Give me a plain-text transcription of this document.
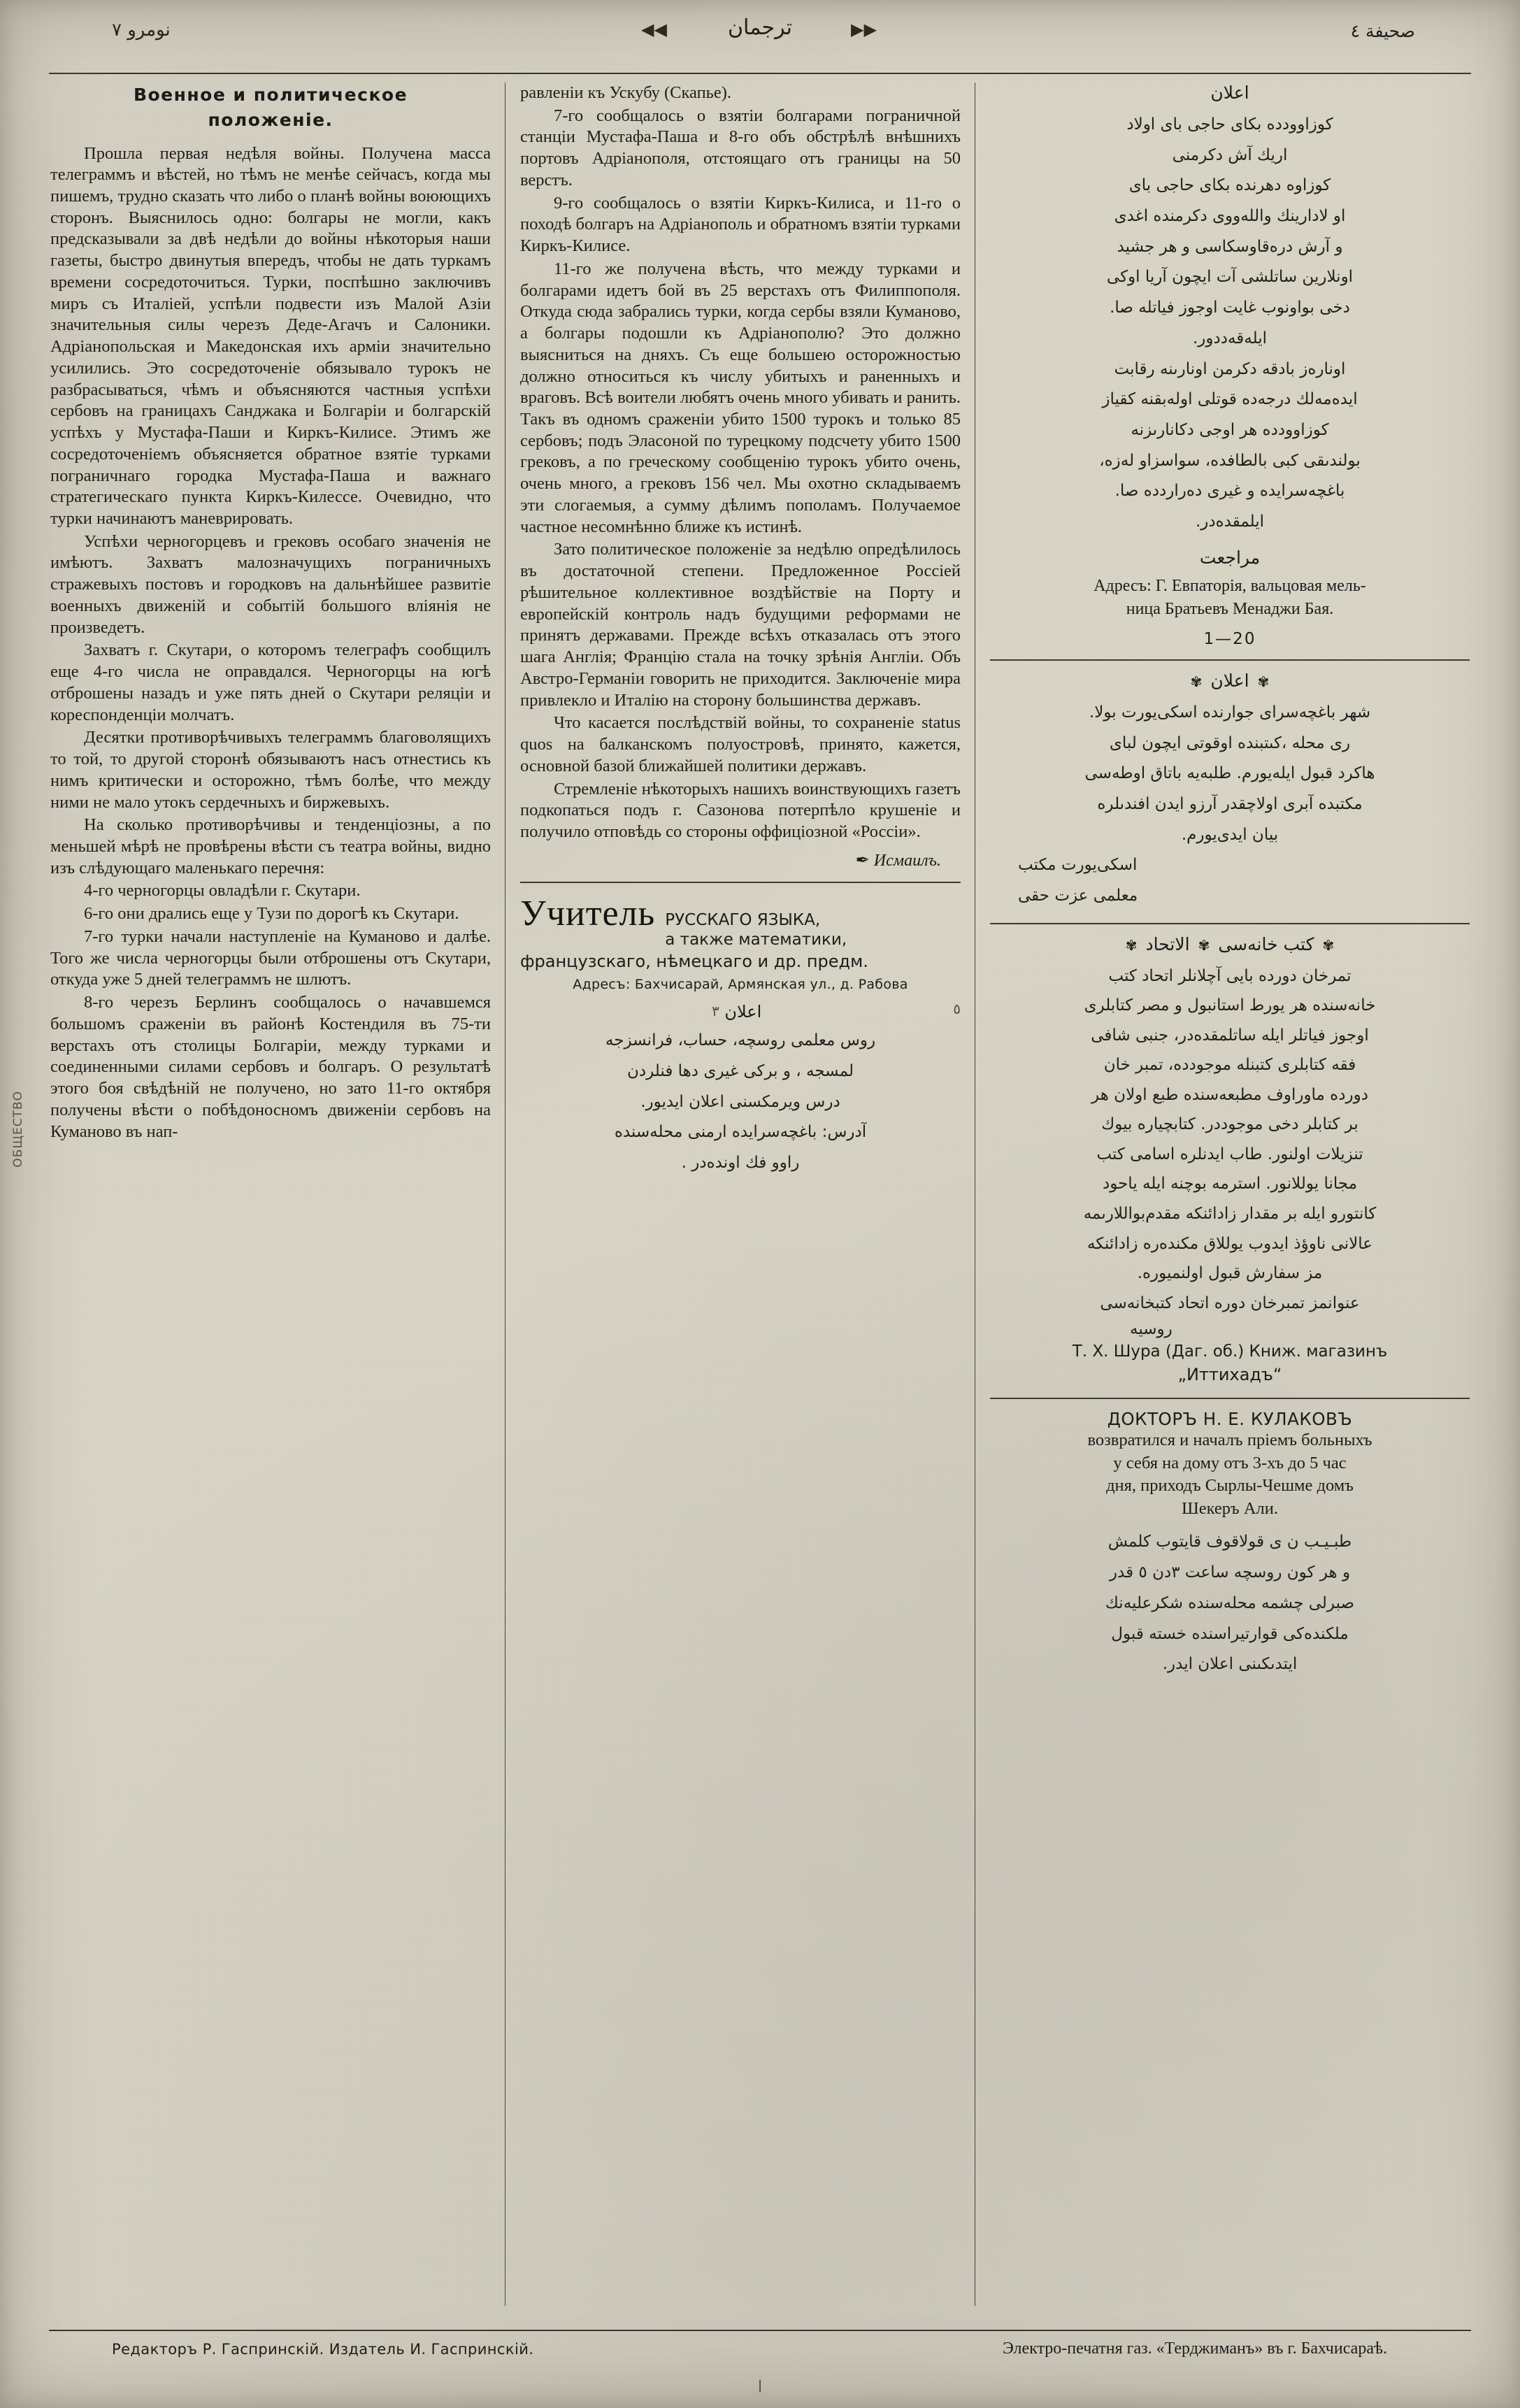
نومرو ٧	◀◀	ترجمان	▶▶	صحيفة ٤
Военное и политическое
положеніе.

Прошла первая недѣля войны. Получена масса телеграммъ и вѣстей, но тѣмъ не менѣе сейчасъ, когда мы пишемъ, трудно сказать что либо о планѣ войны воюющихъ сторонъ. Выяснилось одно: болгары не могли, какъ предсказывали за двѣ недѣли до войны нѣкоторыя наши газеты, быстро двинутыя впередъ, чтобы не дать туркамъ времени сосредоточиться. Турки, поспѣшно заключивъ миръ съ Италіей, успѣли подвести изъ Малой Азіи значительныя силы черезъ Деде-Агачъ и Салоники. Адріанопольская и Македонская ихъ арміи значительно усилились. Это сосредоточеніе обязывало турокъ не разбрасываться, чѣмъ и объясняются частныя успѣхи сербовъ на границахъ Санджака и Болгаріи и болгарскій успѣхъ у Мустафа-Паши и Киркъ-Килисе. Этимъ же сосредоточеніемъ объясняется обратное взятіе турками пограничнаго городка Мустафа-Паша и важнаго стратегическаго пункта Киркъ-Килессе. Очевидно, что турки начинаютъ маневрировать.

Успѣхи черногорцевъ и грековъ особаго значенія не имѣютъ. Захватъ малозначущихъ пограничныхъ стражевыхъ постовъ и городковъ на дальнѣйшее развитіе военныхъ движеній и событій большого вліянія не произведетъ.

Захватъ г. Скутари, о которомъ телеграфъ сообщилъ еще 4-го числа не оправдался. Черногорцы на югѣ отброшены назадъ и уже пять дней о Скутари реляціи и кореспонденціи молчатъ.

Десятки противорѣчивыхъ телеграммъ благоволящихъ то той, то другой сторонѣ обязываютъ насъ отнестись къ нимъ критически и осторожно, тѣмъ болѣе, что между ними не мало утокъ сердечныхъ и биржевыхъ.

На сколько противорѣчивы и тенденціозны, а по меньшей мѣрѣ не провѣрены вѣсти съ театра войны, видно изъ слѣдующаго маленькаго перечня:

4-го черногорцы овладѣли г. Скутари.

6-го они дрались еще у Тузи по дорогѣ къ Скутари.

7-го турки начали наступленіе на Куманово и далѣе. Того же числа черногорцы были отброшены отъ Скутари, откуда уже 5 дней телеграммъ не шлютъ.

8-го черезъ Берлинъ сообщалось о начавшемся большомъ сраженіи въ районѣ Костендиля въ 75-ти верстахъ отъ столицы Болгаріи, между турками и соединенными силами сербовъ и болгаръ. О результатѣ этого боя свѣдѣній не получено, но зато 11-го октября получены вѣсти о побѣдоносномъ движеніи сербовъ на Куманово въ нап-

равленіи къ Ускубу (Скапье).

7-го сообщалось о взятіи болгарами пограничной станціи Мустафа-Паша и 8-го объ обстрѣлѣ внѣшнихъ портовъ Адріанополя, отстоящаго отъ границы на 50 верстъ.

9-го сообщалось о взятіи Киркъ-Килиса, и 11-го о походѣ болгаръ на Адріанополь и обратномъ взятіи турками Киркъ-Килисе.

11-го же получена вѣсть, что между турками и болгарами идетъ бой въ 25 верстахъ отъ Филиппополя. Откуда сюда забрались турки, когда сербы взяли Куманово, а болгары подошли къ Адріанополю? Это должно выясниться на дняхъ. Съ еще большею осторожностью должно относиться къ числу убитыхъ и раненныхъ и враговъ. Всѣ воители любятъ очень много убивать и ранить. Такъ въ одномъ сраженіи убито 1500 турокъ и только 85 сербовъ; подъ Эласоной по турецкому подсчету убито 1500 грековъ, а по греческому сообщенію турокъ убито очень, очень много, а грековъ 156 чел. Мы охотно складываемъ эти слогаемыя, а сумму дѣлимъ пополамъ. Получаемое частное несомнѣнно ближе къ истинѣ.

Зато политическое положеніе за недѣлю опредѣлилось въ достаточной степени. Предложенное Россіей рѣшительное коллективное воздѣйствіе на Порту и европейскій контроль надъ будущими реформами не принятъ державами. Прежде всѣхъ отказалась отъ этого шага Англія; Францію стала на точку зрѣнія Англіи. Объ Австро-Германіи говорить не приходится. Заключеніе мира привлекло и Италію на сторону большинства державъ.

Что касается послѣдствій войны, то сохраненіе status quos на балканскомъ полуостровѣ, принято, кажется, основной базой ближайшей политики державъ.

Стремленіе нѣкоторыхъ нашихъ воинствующихъ газетъ подкопаться подъ г. Сазонова потерпѣло крушеніе и получило отповѣдь со стороны оффиціозной «Россіи».

✒ Исмаилъ.
Учитель РУССКАГО ЯЗЫКА,
а также математики,
французскаго, нѣмецкаго и др. предм.
Адресъ: Бахчисарай, Армянская ул., д. Рабова
اعلان ٣	٥
روس معلمى روسچه، حساب، فرانسزجه
لمسجه ، و بركى غيرى دها فنلردن
درس ويرمكسنى اعلان ايديور.
آدرس: باغچه‌سرايده ارمنى محله‌سنده
راوو فك اوندەدر .
اعلان
كوزاوودده بكاى حاجى باى اولاد
اريك آش دكرمنى
كوزاوه دهرنده بكاى حاجى باى
او لادارينك واللەووى دكرمنده اغدى
و آرش درەقاوسكاسى و هر جشيد
اونلارين ساتلشى آت ايچون آريا اوكى
دخى بواونوب غايت اوجوز فياتلە صا.
ايلەقەددور.
اونارەز بادقه دكرمن اونارىنە رقابت
ايدەمەلك درجەدە قوتلى اولەبقنە كقياز
كوزاوودده هر اوجى دكانارىزنە
بولندىقى كبى بالطافدە، سواسزاو لەزە،
باغچەسرايدە و غيرى دەرارددە صا.
ايلمقدەدر.
مراجعت
Адресъ: Г. Евпаторія, вальцовая мель-
ница Братьевъ Менаджи Бая.
1—20
✾اعلان✾
شهر باغچەسراى جوارنده اسكى‌يورت بولا.
رى محله ،كىتبنده اوقوتى ايچون لباى
هاكرد قبول ايلەيورم. طلبه‌يە باتاق اوطەسى
مكتبدە آبرى اولاچقدر آرزو ايدن افندىلرە
بيان ايدى‌يورم.
اسكى‌يورت مكتب
معلمى عزت حقى
✾كتب خانه‌سى✾الاتحاد✾
تمرخان دوردە بايى آچلانلر اتحاد كتب
خانەسندە هر يورط استانبول و مصر كتابلرى
اوجوز فياتلر ايلە ساتلمقدەدر، جنبى شافى
فقە كتابلرى كتبنلە موجوددە، تمبر خان
دوردە ماوراوف مطبعەسندە طبع اولان هر
بر كتابلر دخى موجوددر. كتابچيارە بيوك
تنزيلات اولنور. طاب ايدنلرە اسامى كتب
مجانا يوللانور. استرمە بوچنه ايلە ياحود
كانتورو ايلە بر مقدار زادائنكە مقدم‌بواللارىمە
عالانى ناوؤذ ايدوب يوللاق مكندەرە زادائنكە
مز سفارش قبول اولنميورە.
عنوانمز تمبرخان دورە اتحاد كتبخانەسى
روسيه
Т. Х. Шура (Даг. об.) Книж. магазинъ
„Иттихадъ“
ДОКТОРЪ Н. Е. КУЛАКОВЪ
возвратился и началъ пріемъ больныхъ
у себя на дому отъ 3-хъ до 5 час
дня, приходъ Сырлы-Чешме домъ
Шекеръ Али.
طبـيـب ن ى قولاقوف قايتوب كلمش
و هر كون روسچه ساعت ٣دن ٥ قدر
صبرلى چشمه محلەسندە شكرعليەنك
ملكندەكى قوارتيراسنده خسته قبول
ايتدىكىنى اعلان ايدر.
ОБЩЕСТВО
Редакторъ Р. Гаспринскій. Издатель И. Гаспринскій.	Электро-печатня газ. «Терджиманъ» въ г. Бахчисараѣ.
|
